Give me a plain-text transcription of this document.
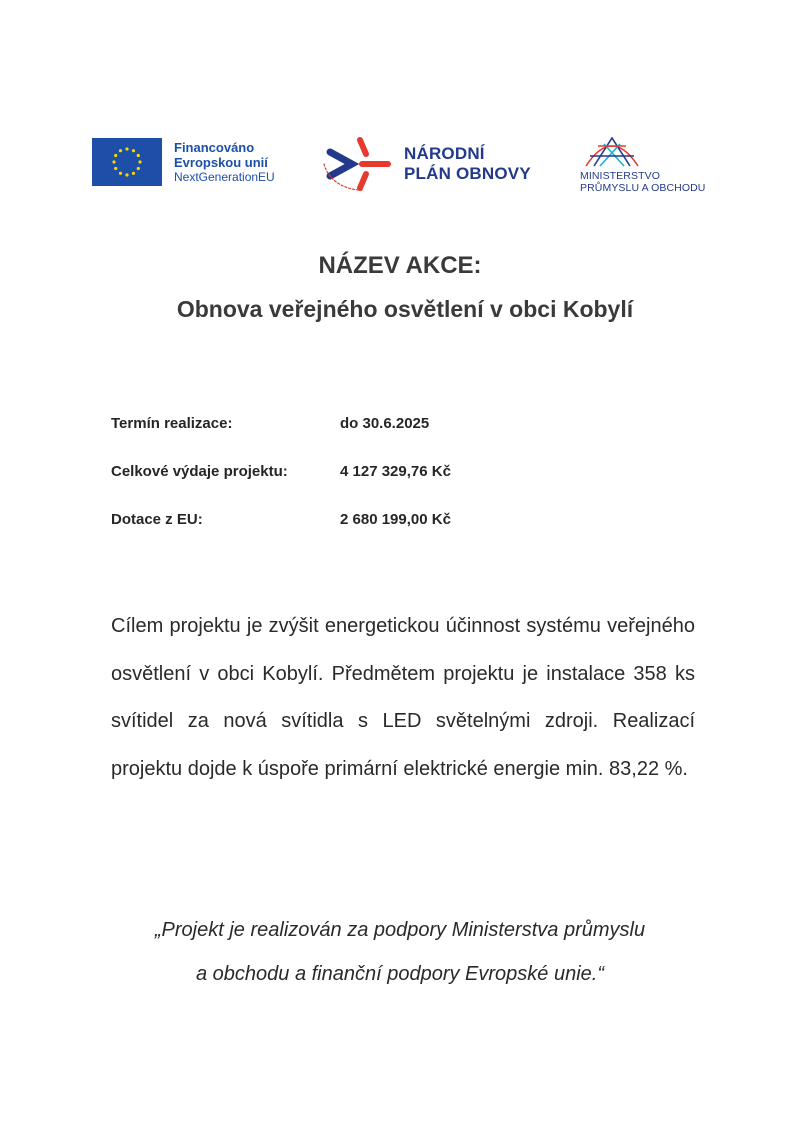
Financováno
Evropskou unií
NextGenerationEU
NÁRODNÍ
PLÁN OBNOVY	MINISTERSTVO
PRŮMYSLU A OBCHODU
NÁZEV AKCE:
Obnova veřejného osvětlení v obci Kobylí
Termín realizace:	do 30.6.2025
Celkové výdaje projektu:	4 127 329,76 Kč
Dotace z EU:	2 680 199,00 Kč

Cílem projektu je zvýšit energetickou účinnost systému veřejného osvětlení v obci Kobylí. Předmětem projektu je instalace 358 ks svítidel za nová svítidla s LED světelnými zdroji. Realizací projektu dojde k úspoře primární elektrické energie min. 83,22 %.

„Projekt je realizován za podpory Ministerstva průmyslu
a obchodu a finanční podpory Evropské unie.“
